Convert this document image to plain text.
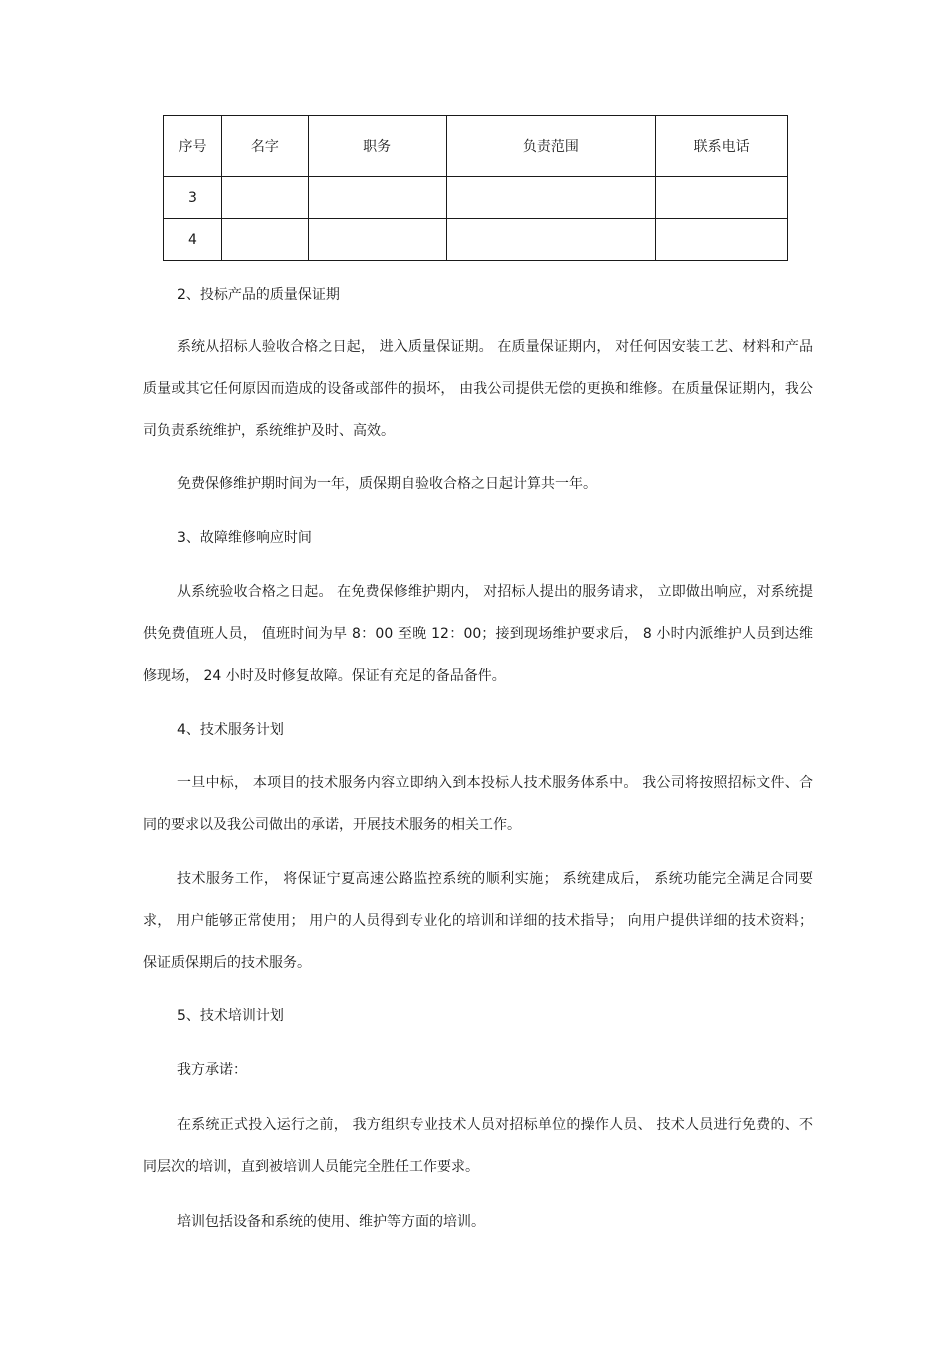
序号	名字	职务	负责范围	联系电话
3				
4				

2、投标产品的质量保证期

系统从招标人验收合格之日起， 进入质量保证期。 在质量保证期内， 对任何因安装工艺、材料和产品质量或其它任何原因而造成的设备或部件的损坏， 由我公司提供无偿的更换和维修。在质量保证期内，我公司负责系统维护，系统维护及时、高效。

免费保修维护期时间为一年，质保期自验收合格之日起计算共一年。

3、故障维修响应时间

从系统验收合格之日起。 在免费保修维护期内， 对招标人提出的服务请求， 立即做出响应，对系统提供免费值班人员， 值班时间为早 8：00 至晚 12：00；接到现场维护要求后， 8 小时内派维护人员到达维修现场， 24 小时及时修复故障。保证有充足的备品备件。

4、技术服务计划

一旦中标， 本项目的技术服务内容立即纳入到本投标人技术服务体系中。 我公司将按照招标文件、合同的要求以及我公司做出的承诺，开展技术服务的相关工作。

技术服务工作， 将保证宁夏高速公路监控系统的顺利实施； 系统建成后， 系统功能完全满足合同要求， 用户能够正常使用； 用户的人员得到专业化的培训和详细的技术指导； 向用户提供详细的技术资料；保证质保期后的技术服务。

5、技术培训计划

我方承诺：

在系统正式投入运行之前， 我方组织专业技术人员对招标单位的操作人员、 技术人员进行免费的、不同层次的培训，直到被培训人员能完全胜任工作要求。

培训包括设备和系统的使用、维护等方面的培训。
